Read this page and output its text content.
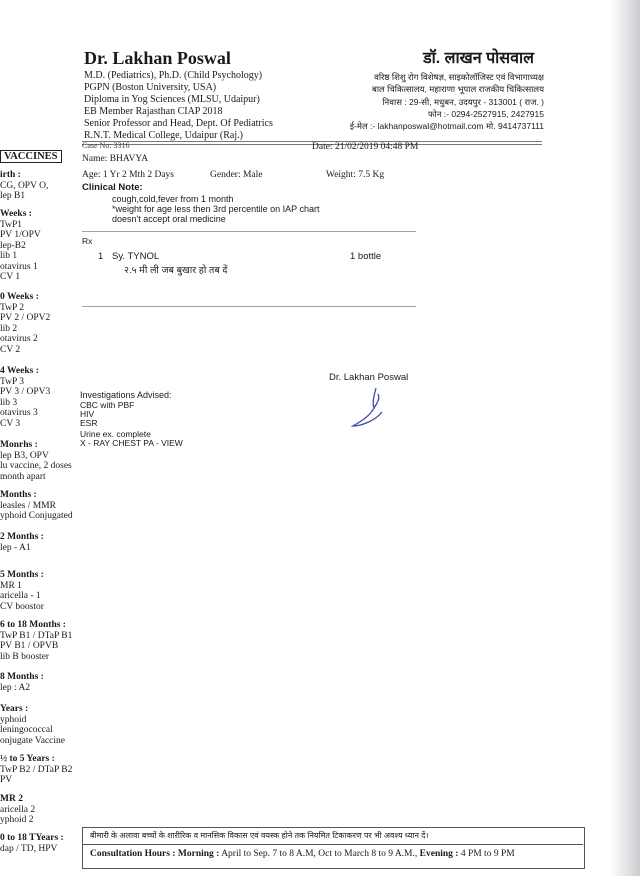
Dr. Lakhan Poswal
M.D. (Pediatrics), Ph.D. (Child Psychology)
PGPN (Boston University, USA)
Diploma in Yog Sciences (MLSU, Udaipur)
EB Member Rajasthan CIAP 2018
Senior Professor and Head, Dept. Of Pediatrics
R.N.T. Medical College, Udaipur (Raj.)
डॉ. लाखन पोसवाल
वरिष्ठ शिशु रोग विशेषज्ञ, साइकोलॉजिस्ट एवं विभागाध्यक्ष
बाल चिकित्सालय, महाराणा भूपाल राजकीय चिकित्सालय
निवास : 29-सी, मधुबन, उदयपुर - 313001 ( राज. )
फोन :- 0294-2527915, 2427915
ई-मेल :- lakhanposwal@hotmail.com मो. 9414737111
VACCINES
irth :
CG, OPV O,
lep B1
Weeks :
TwP1
PV 1/OPV
lep-B2
lib 1
otavirus 1
CV 1
0 Weeks :
TwP 2
PV 2 / OPV2
lib 2
otavirus 2
CV 2
4 Weeks :
TwP 3
PV 3 / OPV3
lib 3
otavirus 3
CV 3
Monrhs :
lep B3, OPV
lu vaccine, 2 doses
month apart
Months :
leasles / MMR
yphoid Conjugated
2 Months :
lep - A1
5 Months :
MR 1
aricella - 1
CV boostor
6 to 18 Months :
TwP B1 / DTaP B1
PV B1 / OPVB
lib B booster
8 Months :
lep : A2
Years :
yphoid
leningococcal
onjugate Vaccine
½ to 5 Years :
TwP B2 / DTaP B2
PV
MR 2
aricella 2
yphoid 2
0 to 18 TYears :
dap / TD, HPV
Case No: 3316	Date: 21/02/2019 04:48 PM
Name: BHAVYA
Age: 1 Yr 2 Mth 2 Days	Gender: Male	Weight: 7.5 Kg
Clinical Note:
cough,cold,fever from 1 month
*weight for age less then 3rd percentile on IAP chart
doesn't accept oral medicine
Rx
1 Sy. TYNOL	1 bottle
२.५ मी ली जब बुखार हो तब दें
Dr. Lakhan Poswal
Investigations Advised:
CBC with PBF
HIV
ESR
Urine ex. complete
X - RAY CHEST PA - VIEW
बीमारी के अलावा बच्चों के शारीरिक व मानसिक विकास एवं वयस्क होने तक नियमित टिकाकरण पर भी अवश्य ध्यान दें।
Consultation Hours : Morning : April to Sep. 7 to 8 A.M, Oct to March 8 to 9 A.M., Evening : 4 PM to 9 PM
